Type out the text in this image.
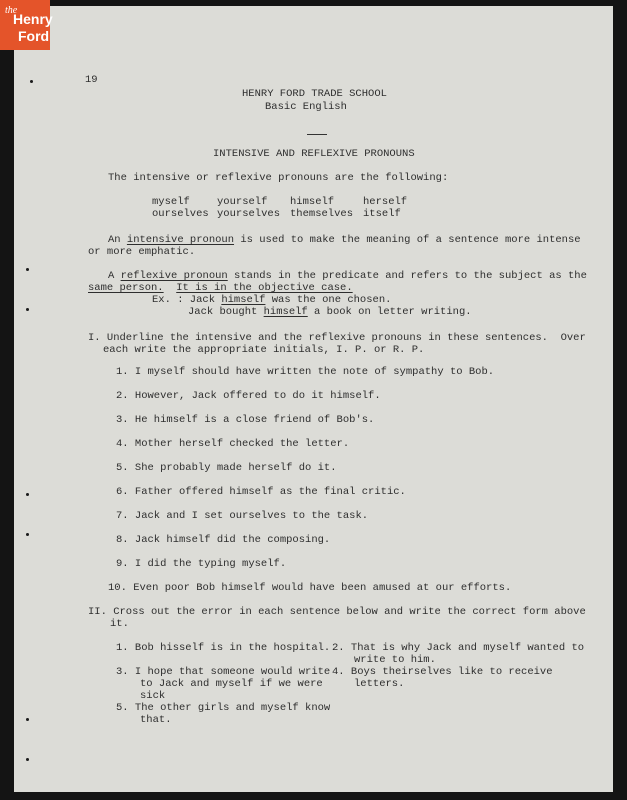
the
Henry
Ford
19
HENRY FORD TRADE SCHOOL
Basic English
INTENSIVE AND REFLEXIVE PRONOUNS
The intensive or reflexive pronouns are the following:
myself	yourself himself	herself
ourselves yourselves themselves itself
An intensive pronoun is used to make the meaning of a sentence more intense
or more emphatic.
A reflexive pronoun stands in the predicate and refers to the subject as the
same person. It is in the objective case.
Ex. : Jack himself was the one chosen.
Jack bought himself a book on letter writing.
I. Underline the intensive and the reflexive pronouns in these sentences.  Over
each write the appropriate initials, I. P. or R. P.
1. I myself should have written the note of sympathy to Bob.
2. However, Jack offered to do it himself.
3. He himself is a close friend of Bob's.
4. Mother herself checked the letter.
5. She probably made herself do it.
6. Father offered himself as the final critic.
7. Jack and I set ourselves to the task.
8. Jack himself did the composing.
9. I did the typing myself.
10. Even poor Bob himself would have been amused at our efforts.
II. Cross out the error in each sentence below and write the correct form above
it.
1. Bob hisself is in the hospital. 2. That is why Jack and myself wanted to
write to him.
3. I hope that someone would write
to Jack and myself if we were
sick
4. Boys theirselves like to receive
letters.
5. The other girls and myself know
that.
